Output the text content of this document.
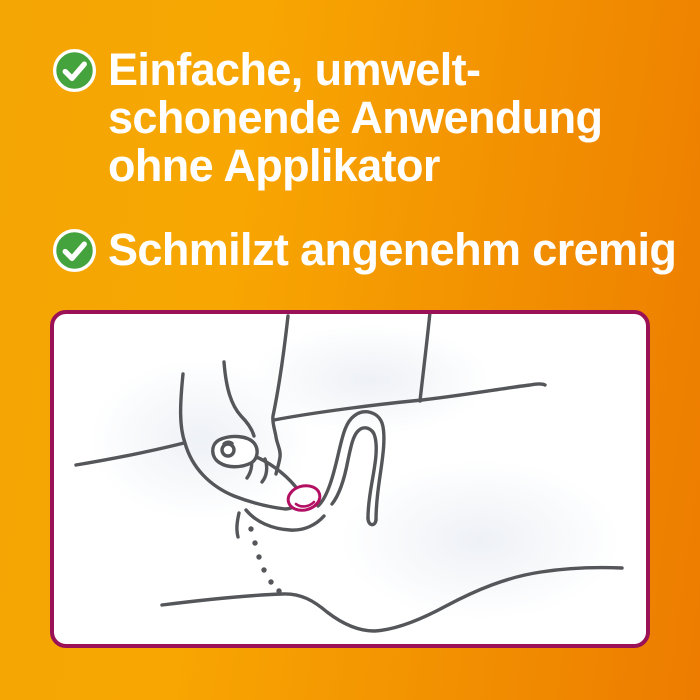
Einfache, umwelt-
schonende Anwendung
ohne Applikator
Schmilzt angenehm cremig
